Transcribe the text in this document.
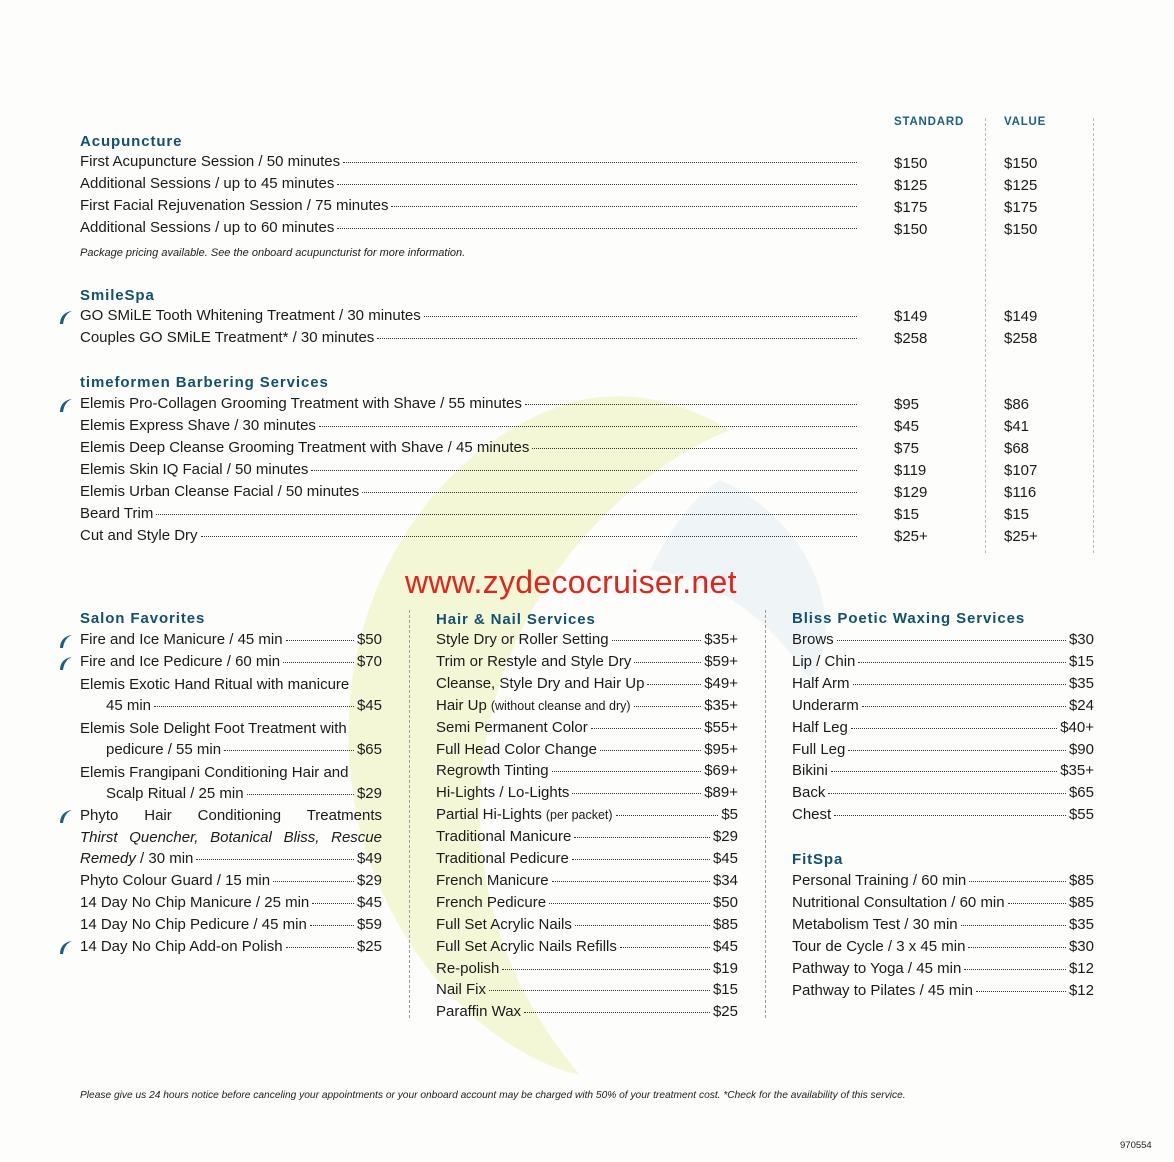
STANDARD	VALUE
Acupuncture
First Acupuncture Session / 50 minutes	$150	$150
Additional Sessions / up to 45 minutes	$125	$125
First Facial Rejuvenation Session / 75 minutes	$175	$175
Additional Sessions / up to 60 minutes	$150	$150
Package pricing available. See the onboard acupuncturist for more information.
SmileSpa
GO SMiLE Tooth Whitening Treatment / 30 minutes	$149	$149
Couples GO SMiLE Treatment* / 30 minutes	$258	$258
timeformen Barbering Services
Elemis Pro-Collagen Grooming Treatment with Shave / 55 minutes	$95	$86
Elemis Express Shave / 30 minutes	$45	$41
Elemis Deep Cleanse Grooming Treatment with Shave / 45 minutes	$75	$68
Elemis Skin IQ Facial / 50 minutes	$119	$107
Elemis Urban Cleanse Facial / 50 minutes	$129	$116
Beard Trim	$15	$15
Cut and Style Dry	$25+	$25+
www.zydecocruiser.net
Salon Favorites
Fire and Ice Manicure / 45 min	$50
Fire and Ice Pedicure / 60 min	$70
Elemis Exotic Hand Ritual with manicure
45 min	$45
Elemis Sole Delight Foot Treatment with
pedicure / 55 min	$65
Elemis Frangipani Conditioning Hair and
Scalp Ritual / 25 min	$29
Phyto Hair Conditioning Treatments
Thirst Quencher, Botanical Bliss, Rescue
Remedy / 30 min	$49
Phyto Colour Guard / 15 min	$29
14 Day No Chip Manicure / 25 min	$45
14 Day No Chip Pedicure / 45 min	$59
14 Day No Chip Add-on Polish	$25
Hair & Nail Services
Style Dry or Roller Setting	$35+
Trim or Restyle and Style Dry	$59+
Cleanse, Style Dry and Hair Up	$49+
Hair Up (without cleanse and dry)	$35+
Semi Permanent Color	$55+
Full Head Color Change	$95+
Regrowth Tinting	$69+
Hi-Lights / Lo-Lights	$89+
Partial Hi-Lights (per packet)	$5
Traditional Manicure	$29
Traditional Pedicure	$45
French Manicure	$34
French Pedicure	$50
Full Set Acrylic Nails	$85
Full Set Acrylic Nails Refills	$45
Re-polish	$19
Nail Fix	$15
Paraffin Wax	$25
Bliss Poetic Waxing Services
Brows	$30
Lip / Chin	$15
Half Arm	$35
Underarm	$24
Half Leg	$40+
Full Leg	$90
Bikini	$35+
Back	$65
Chest	$55
FitSpa
Personal Training / 60 min	$85
Nutritional Consultation / 60 min	$85
Metabolism Test / 30 min	$35
Tour de Cycle / 3 x 45 min	$30
Pathway to Yoga / 45 min	$12
Pathway to Pilates / 45 min	$12
Please give us 24 hours notice before canceling your appointments or your onboard account may be charged with 50% of your treatment cost. *Check for the availability of this service.
970554
